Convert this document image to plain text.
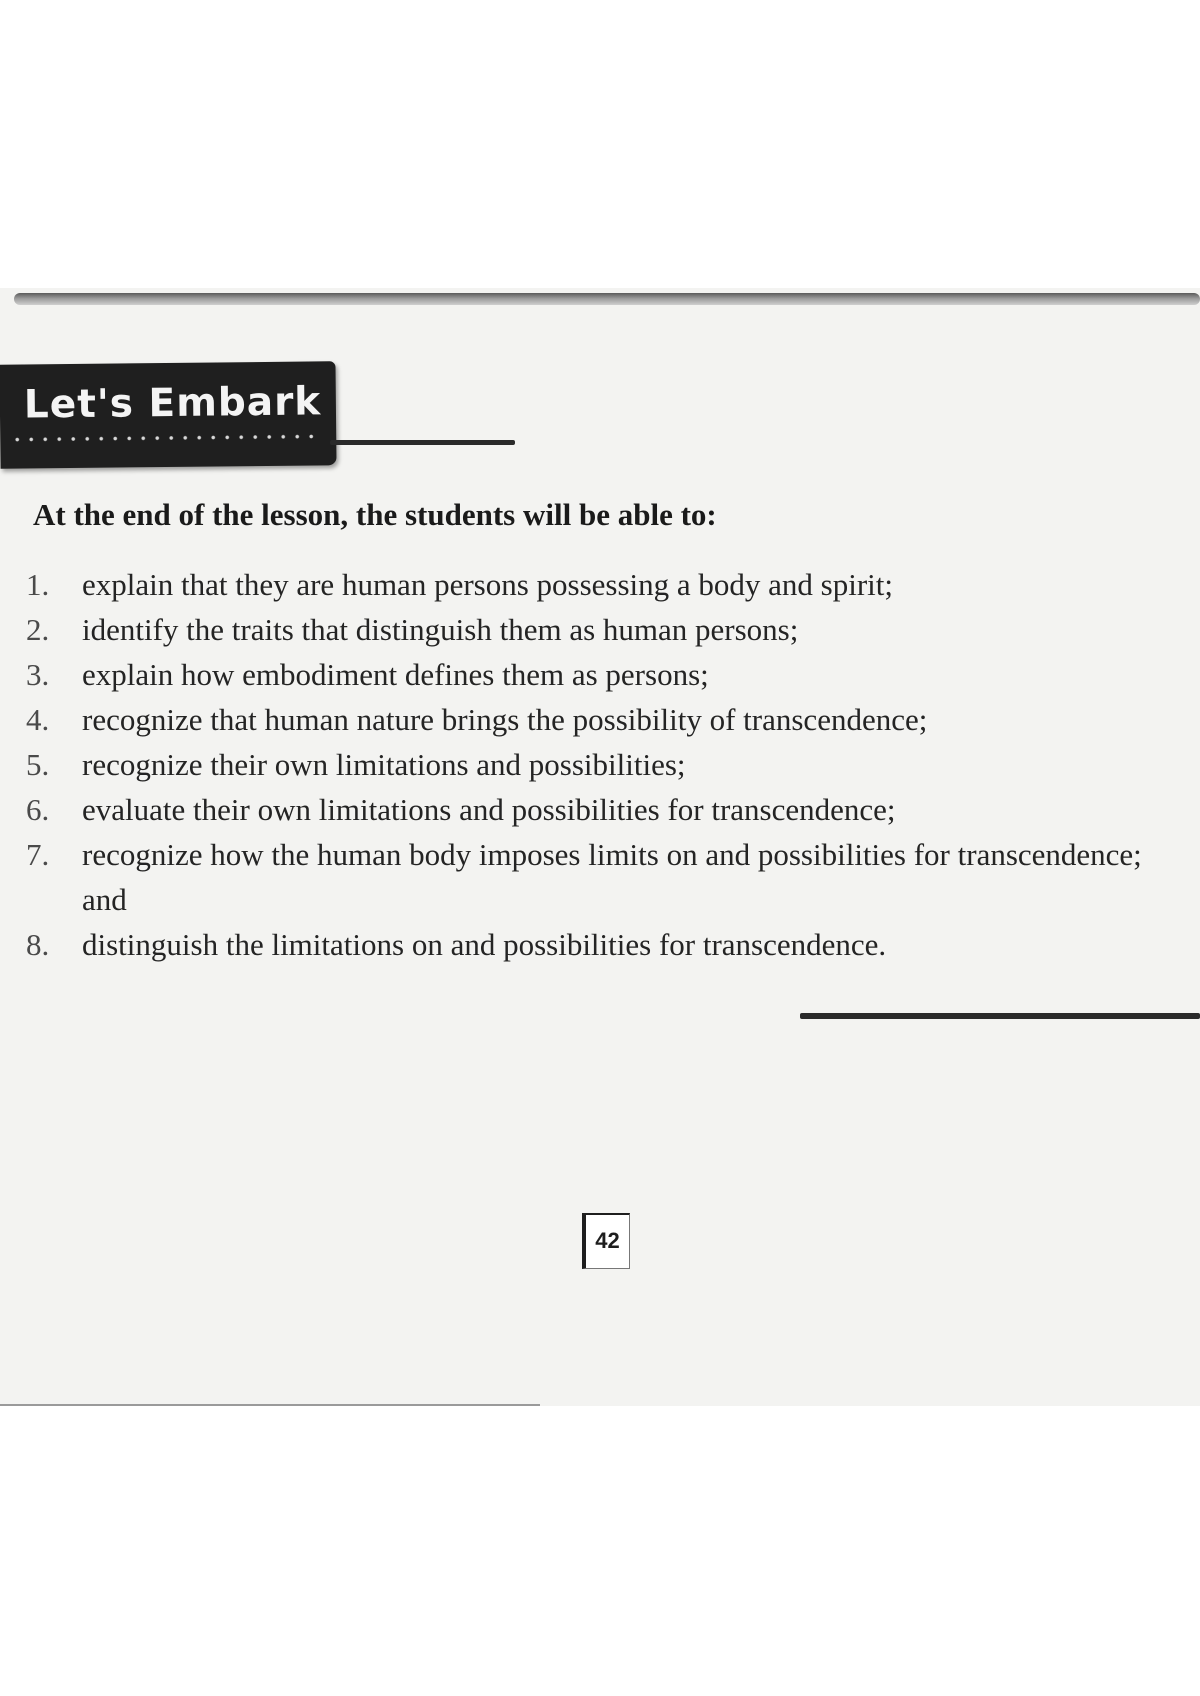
Let's Embark
At the end of the lesson, the students will be able to:
1.	explain that they are human persons possessing a body and spirit;
2.	identify the traits that distinguish them as human persons;
3.	explain how embodiment defines them as persons;
4.	recognize that human nature brings the possibility of transcendence;
5.	recognize their own limitations and possibilities;
6.	evaluate their own limitations and possibilities for transcendence;
7.	recognize how the human body imposes limits on and possibilities for transcendence; and
8.	distinguish the limitations on and possibilities for transcendence.
42
